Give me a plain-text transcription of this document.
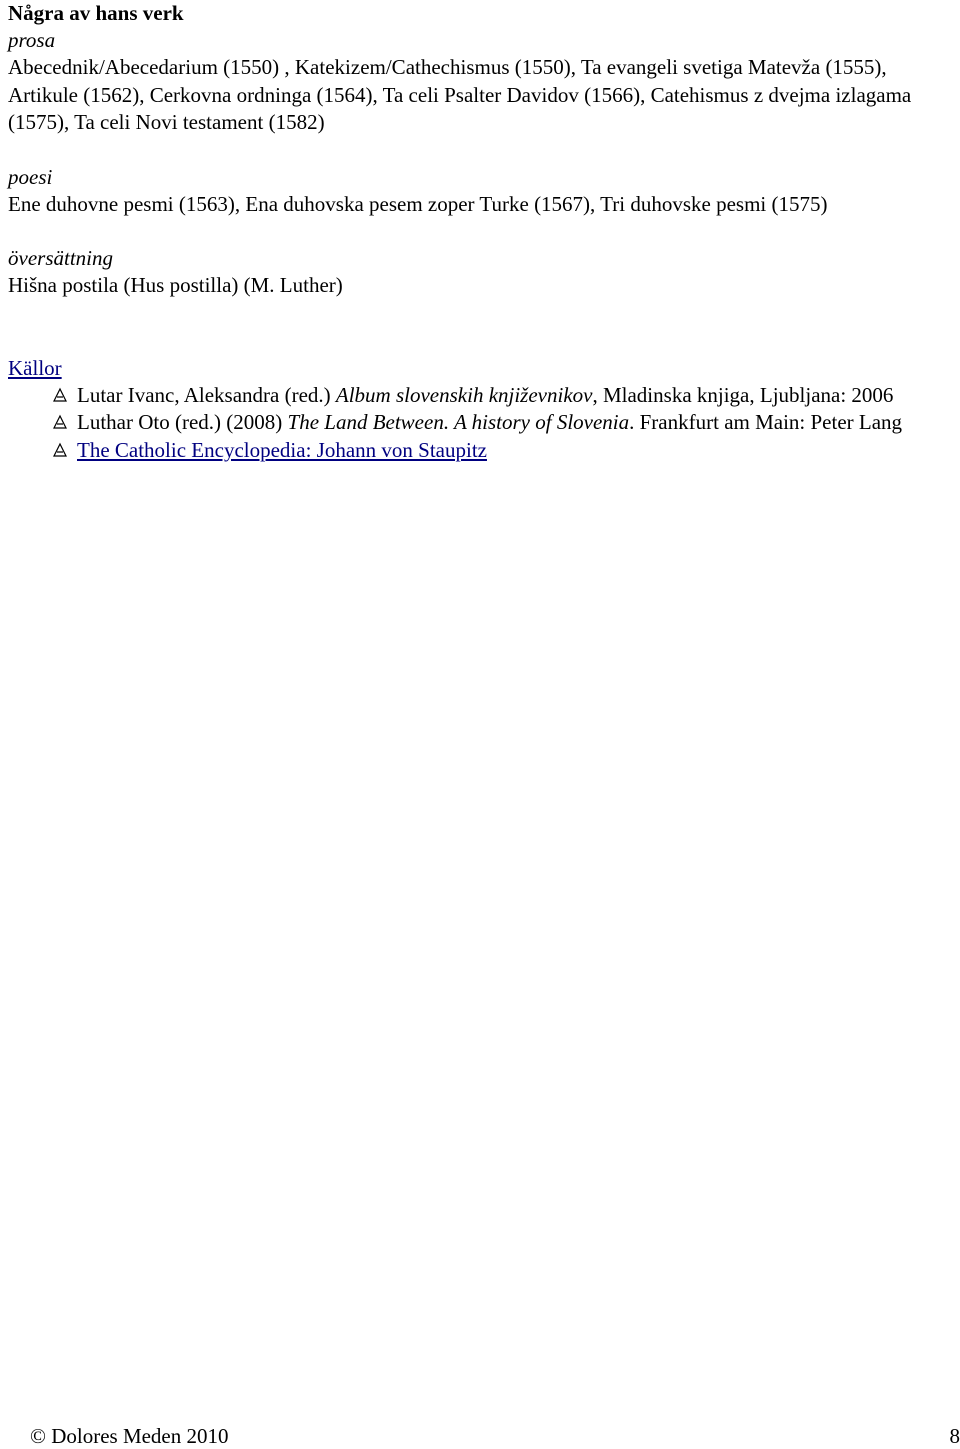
Några av hans verk
prosa
Abecednik/Abecedarium (1550) , Katekizem/Cathechismus (1550), Ta evangeli svetiga Matevža (1555), Artikule (1562), Cerkovna ordninga (1564), Ta celi Psalter Davidov (1566), Catehismus z dvejma izlagama (1575), Ta celi Novi testament (1582)
poesi
Ene duhovne pesmi (1563), Ena duhovska pesem zoper Turke (1567), Tri duhovske pesmi (1575)
översättning
Hišna postila (Hus postilla) (M. Luther)
Källor
Lutar Ivanc, Aleksandra (red.) Album slovenskih književnikov, Mladinska knjiga, Ljubljana: 2006
Luthar Oto (red.) (2008) The Land Between. A history of Slovenia. Frankfurt am Main: Peter Lang
The Catholic Encyclopedia: Johann von Staupitz
© Dolores Meden 2010	8
